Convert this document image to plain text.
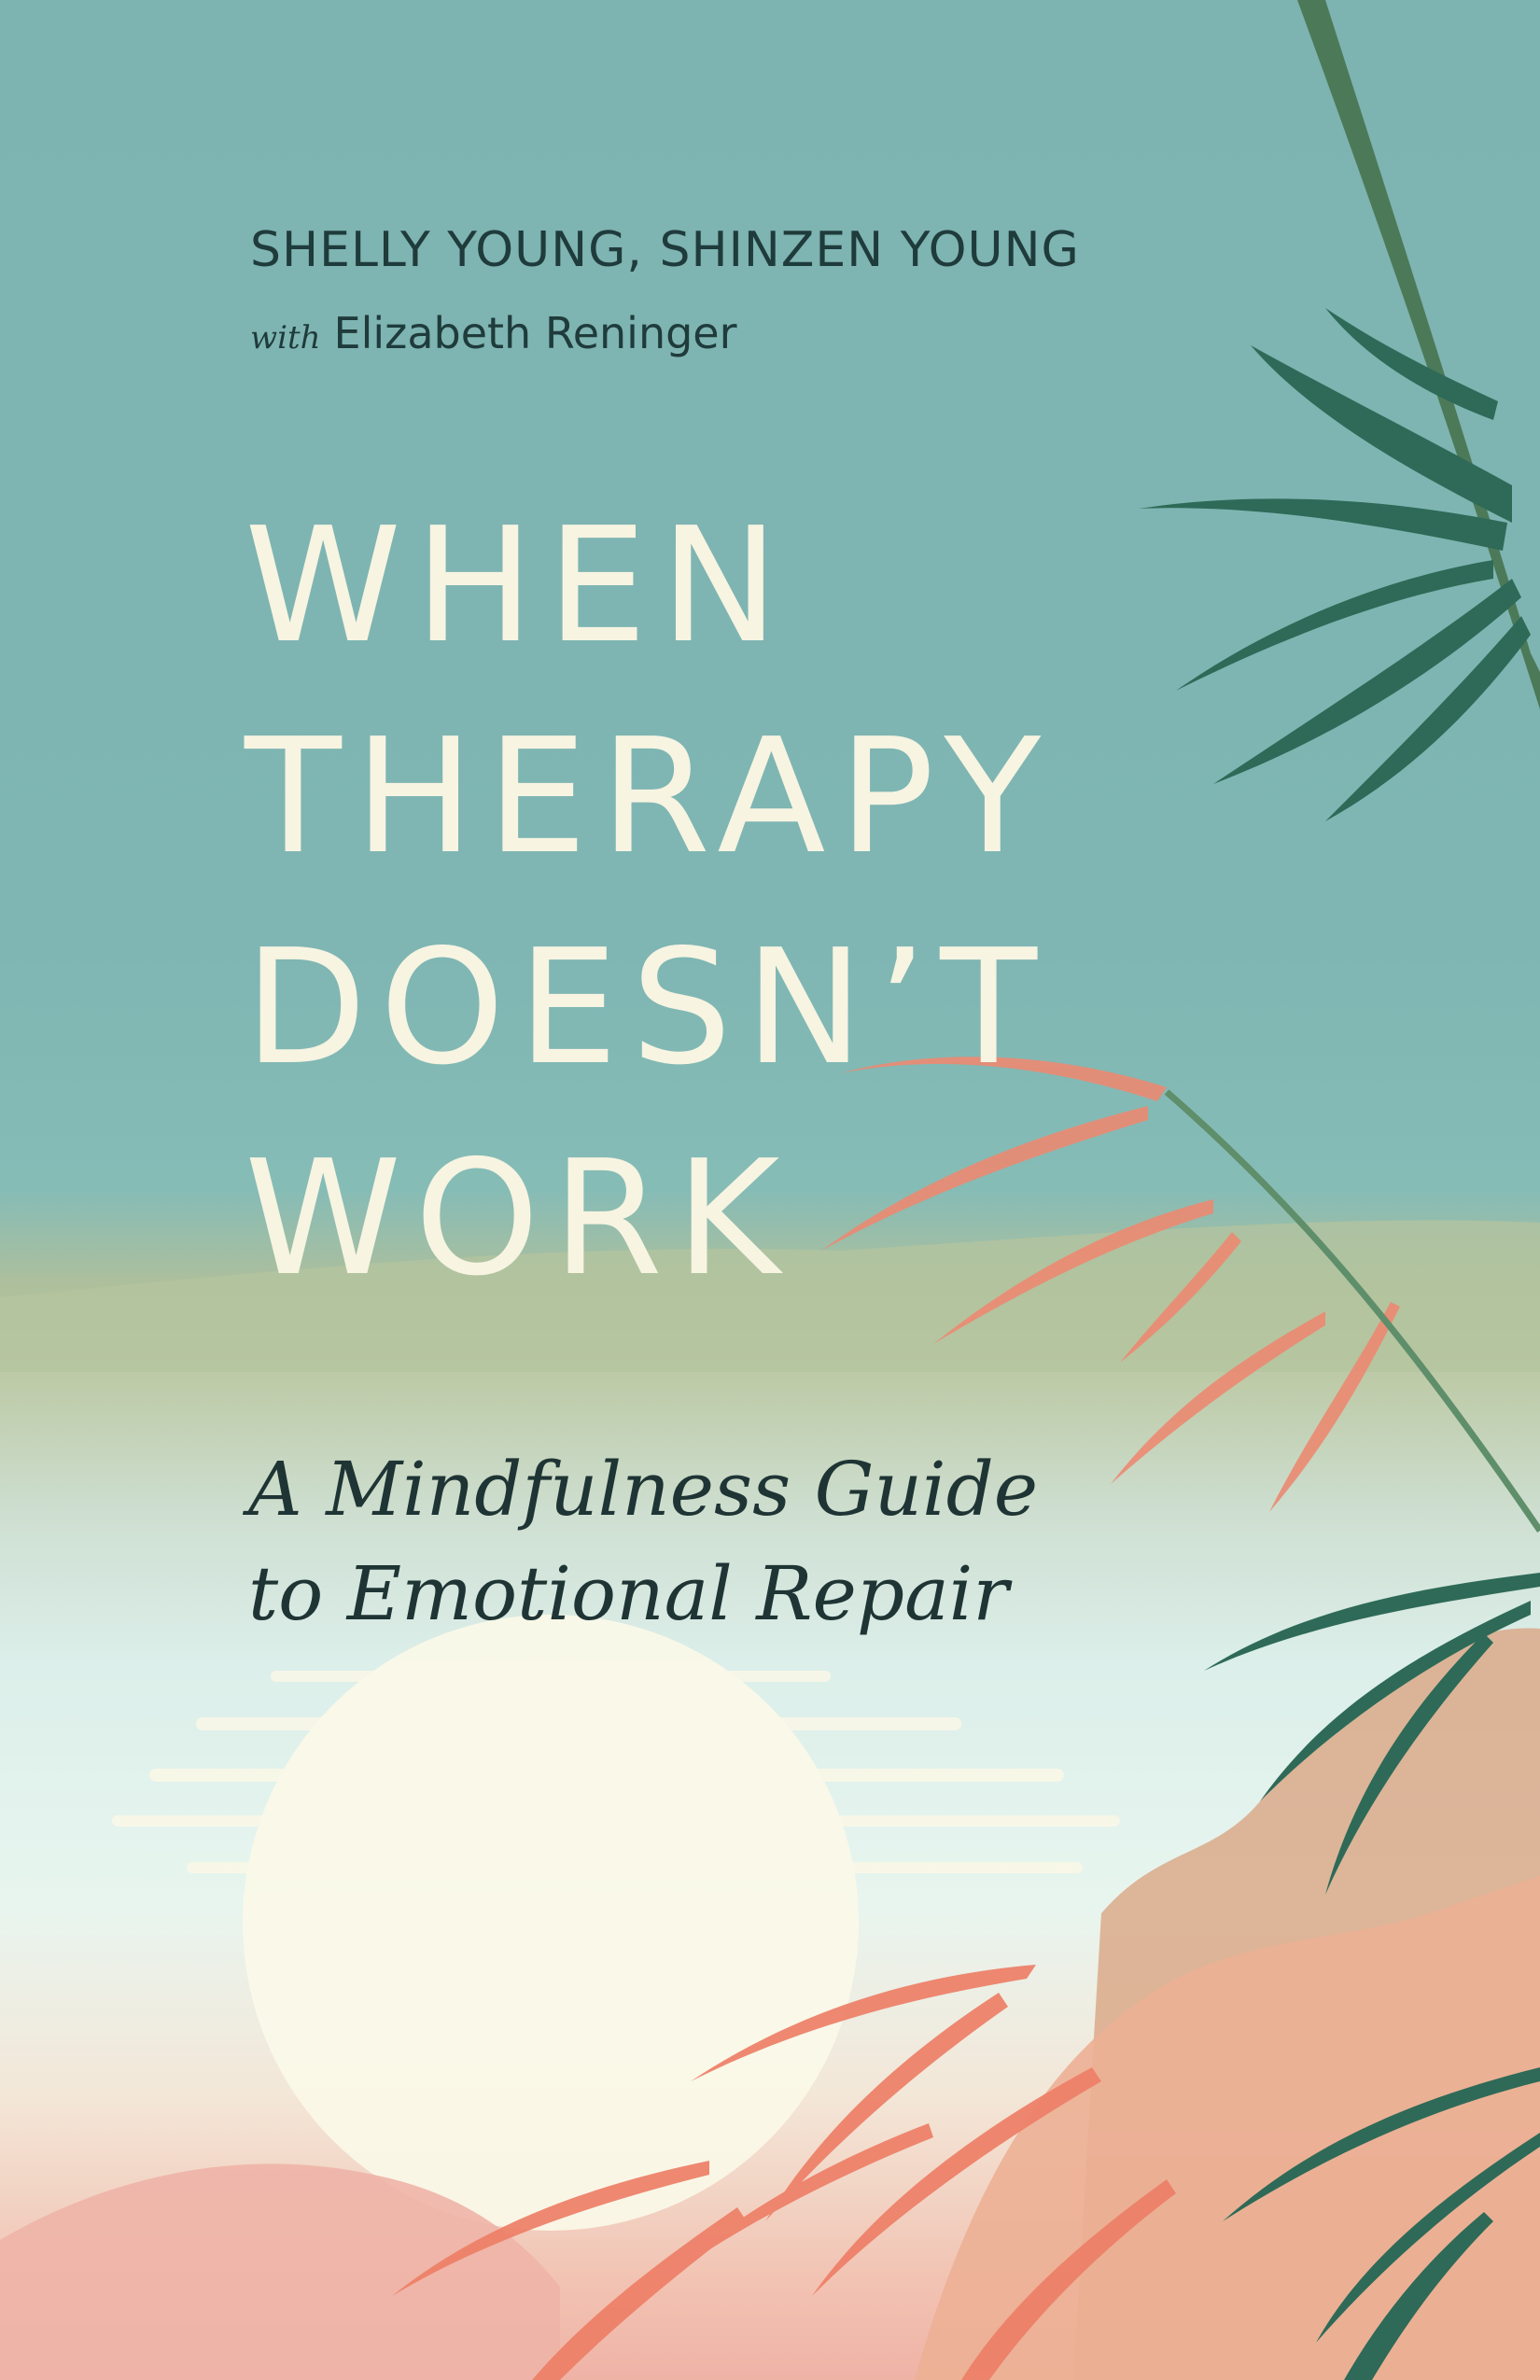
SHELLY YOUNG, SHINZEN YOUNG
with Elizabeth Reninger
WHEN
THERAPY
DOESN’T
WORK
A Mindfulness Guide
to Emotional Repair
